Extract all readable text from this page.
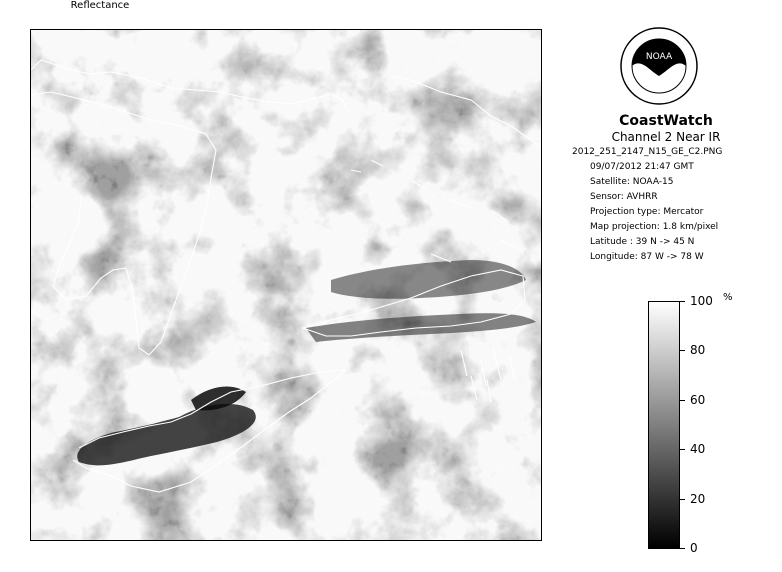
NOAA
CoastWatch
Channel 2 Near IR
2012_251_2147_N15_GE_C2.PNG
09/07/2012 21:47 GMT
Satellite: NOAA-15
Sensor: AVHRR
Projection type: Mercator
Map projection: 1.8 km/pixel
Latitude : 39 N -> 45 N
Longitude: 87 W -> 78 W
Reflectance
%
100
80
60
40
20
0
